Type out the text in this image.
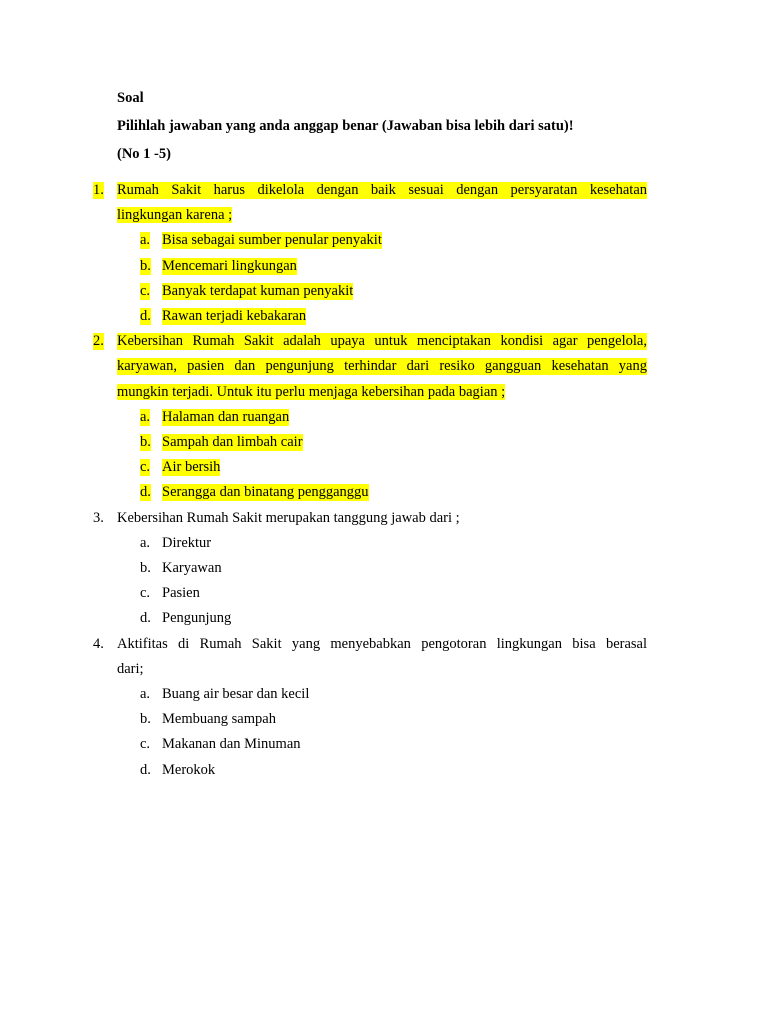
Soal
Pilihlah jawaban yang anda anggap benar (Jawaban bisa lebih dari satu)!
(No 1 -5)
1. Rumah Sakit harus dikelola dengan baik sesuai dengan persyaratan kesehatan
lingkungan karena ;
a. Bisa sebagai sumber penular penyakit
b. Mencemari lingkungan
c. Banyak terdapat kuman penyakit
d. Rawan terjadi kebakaran
2. Kebersihan Rumah Sakit adalah upaya untuk menciptakan kondisi agar pengelola,
karyawan, pasien dan pengunjung terhindar dari resiko gangguan kesehatan yang
mungkin terjadi. Untuk itu perlu menjaga kebersihan pada bagian ;
a. Halaman dan ruangan
b. Sampah dan limbah cair
c. Air bersih
d. Serangga dan binatang pengganggu
3. Kebersihan Rumah Sakit merupakan tanggung jawab dari ;
a. Direktur
b. Karyawan
c. Pasien
d. Pengunjung
4. Aktifitas di Rumah Sakit yang menyebabkan pengotoran lingkungan bisa berasal
dari;
a. Buang air besar dan kecil
b. Membuang sampah
c. Makanan dan Minuman
d. Merokok
